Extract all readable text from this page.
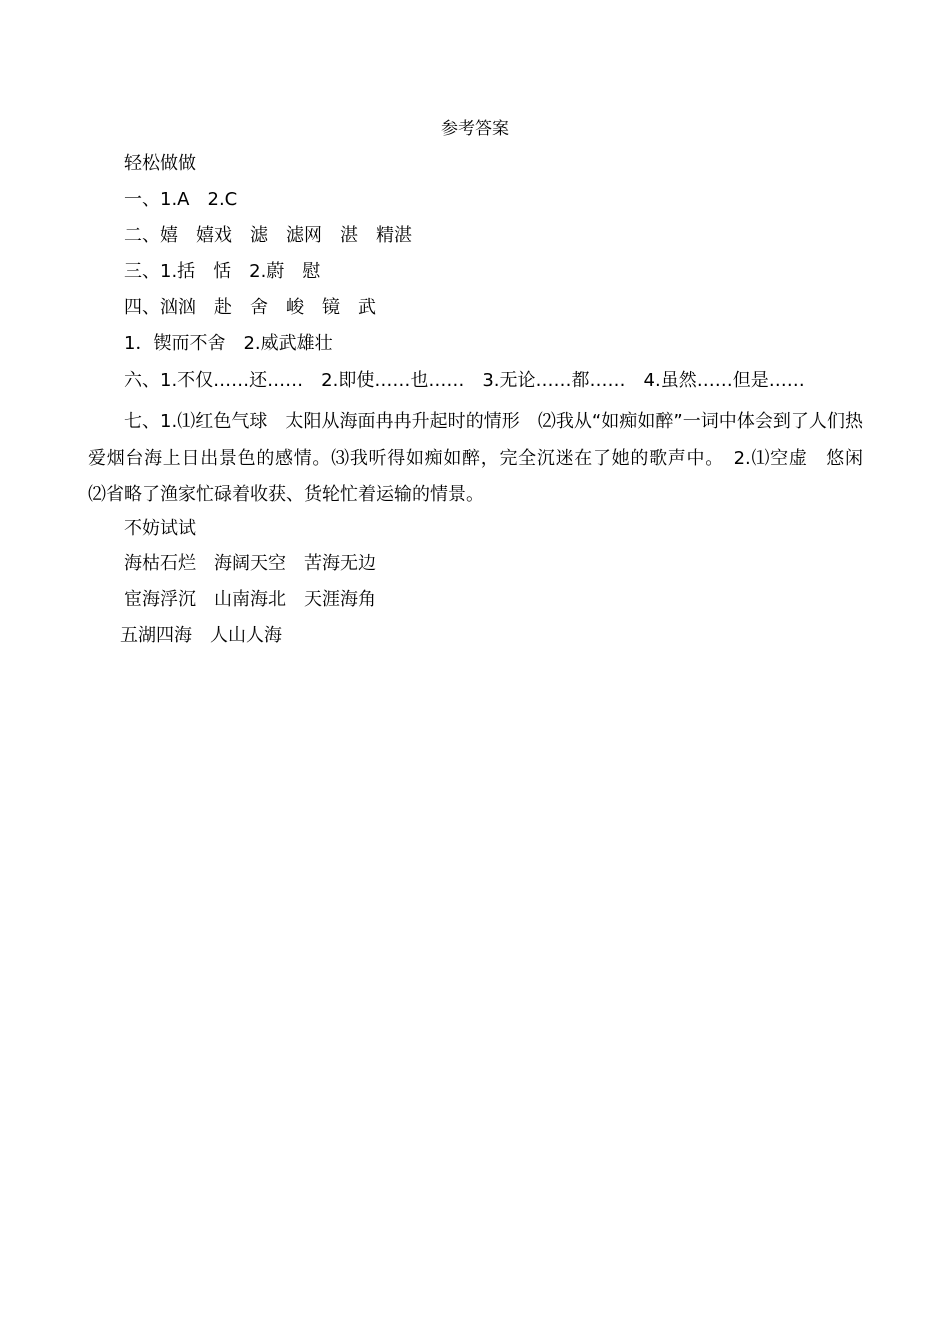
参考答案
轻松做做
一、1.A　2.C
二、嬉　嬉戏　滤　滤网　湛　精湛
三、1.括　恬　2.蔚　慰
四、汹汹　赴　舍　峻　镜　武
1．锲而不舍　2.威武雄壮
六、1.不仅……还……　2.即使……也……　3.无论……都……　4.虽然……但是……
七、1.⑴红色气球　太阳从海面冉冉升起时的情形　⑵我从“如痴如醉”一词中体会到了人们热爱烟台海上日出景色的感情。⑶我听得如痴如醉，完全沉迷在了她的歌声中。　2.⑴空虚　悠闲　⑵省略了渔家忙碌着收获、货轮忙着运输的情景。
不妨试试
海枯石烂　海阔天空　苦海无边
宦海浮沉　山南海北　天涯海角
五湖四海　人山人海
